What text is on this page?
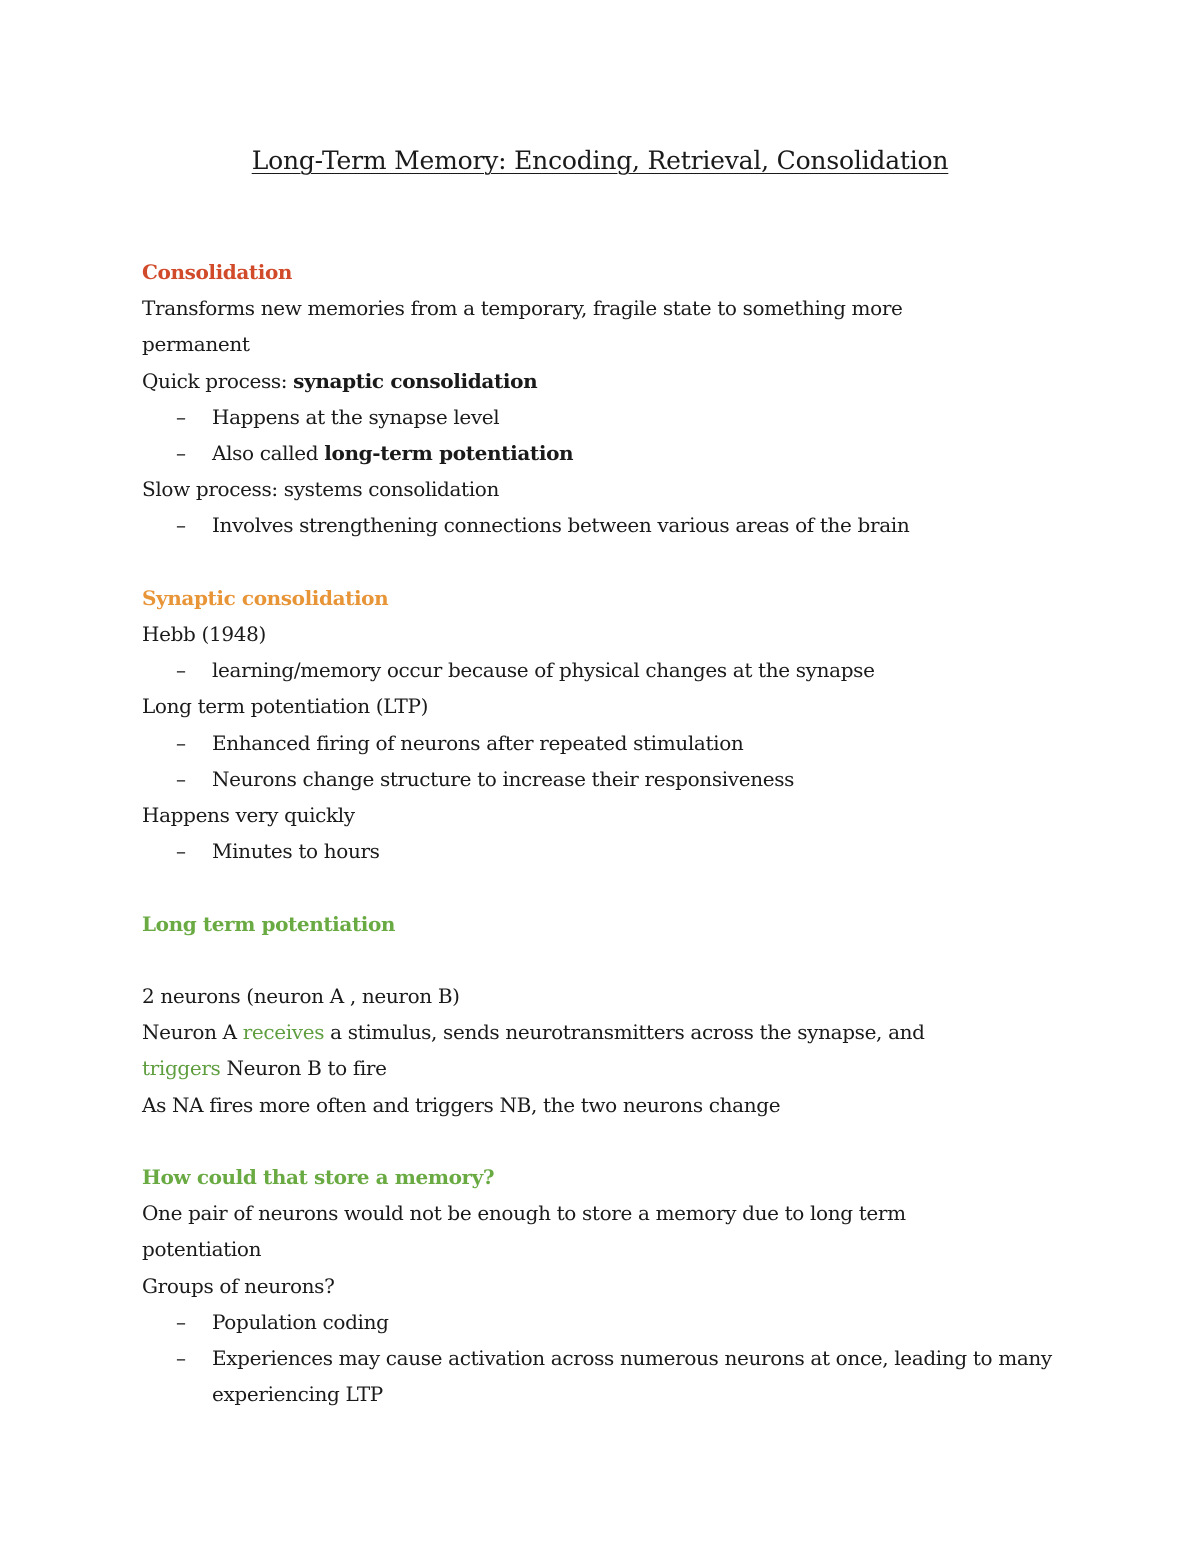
Long-Term Memory: Encoding, Retrieval, Consolidation
Consolidation
Transforms new memories from a temporary, fragile state to something more permanent
Quick process: synaptic consolidation
– Happens at the synapse level
– Also called long-term potentiation
Slow process: systems consolidation
– Involves strengthening connections between various areas of the brain
Synaptic consolidation
Hebb (1948)
– learning/memory occur because of physical changes at the synapse
Long term potentiation (LTP)
– Enhanced firing of neurons after repeated stimulation
– Neurons change structure to increase their responsiveness
Happens very quickly
– Minutes to hours
Long term potentiation
2 neurons (neuron A , neuron B)
Neuron A receives a stimulus, sends neurotransmitters across the synapse, and triggers Neuron B to fire
As NA fires more often and triggers NB, the two neurons change
How could that store a memory?
One pair of neurons would not be enough to store a memory due to long term potentiation
Groups of neurons?
– Population coding
– Experiences may cause activation across numerous neurons at once, leading to many experiencing LTP
